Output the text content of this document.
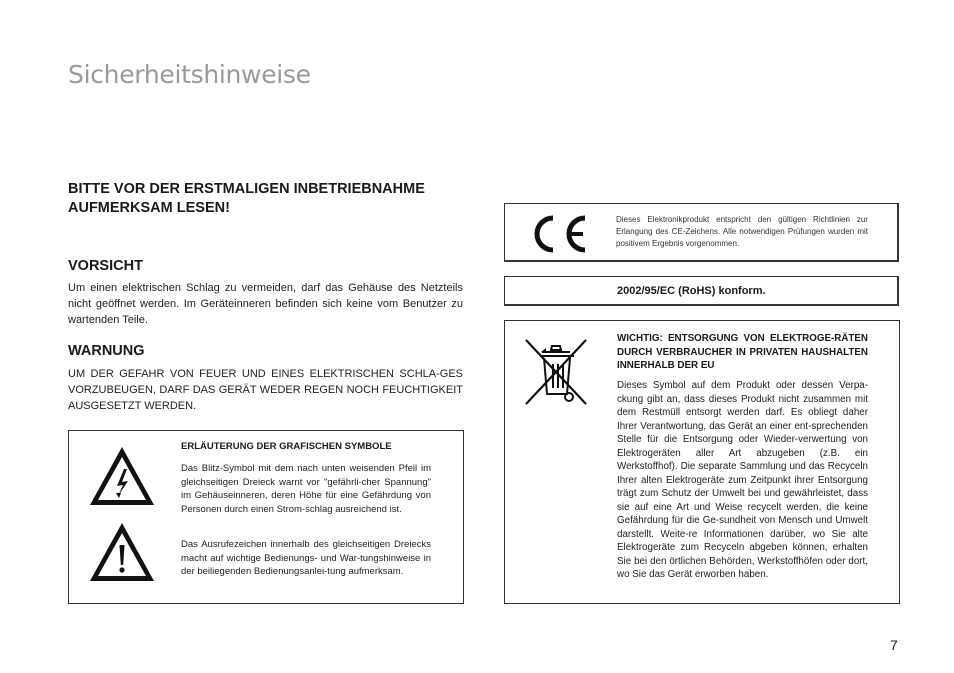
Sicherheitshinweise

BITTE VOR DER ERSTMALIGEN INBETRIEBNAHME AUFMERKSAM LESEN!

VORSICHT

Um einen elektrischen Schlag zu vermeiden, darf das Gehäuse des Netzteils nicht geöffnet werden. Im Geräteinneren befinden sich keine vom Benutzer zu wartenden Teile.

WARNUNG

UM DER GEFAHR VON FEUER UND EINES ELEKTRISCHEN SCHLA-GES VORZUBEUGEN, DARF DAS GERÄT WEDER REGEN NOCH FEUCHTIGKEIT AUSGESETZT WERDEN.

ERLÄUTERUNG DER GRAFISCHEN SYMBOLE

Das Blitz-Symbol mit dem nach unten weisenden Pfeil im gleichseitigen Dreieck warnt vor "gefährli-cher Spannung" im Gehäuseinneren, deren Höhe für eine Gefährdung von Personen durch einen Strom-schlag ausreichend ist.

Das Ausrufezeichen innerhalb des gleichseitigen Dreiecks macht auf wichtige Bedienungs- und War-tungshinweise in der beiliegenden Bedienungsanlei-tung aufmerksam.

Dieses Elektronikprodukt entspricht den gültigen Richtlinien zur Erlangung des CE-Zeichens. Alle notwendigen Prüfungen wurden mit positivem Ergebnis vorgenommen.
2002/95/EC (RoHS) konform.
WICHTIG: ENTSORGUNG VON ELEKTROGE-RÄTEN DURCH VERBRAUCHER IN PRIVATEN HAUSHALTEN INNERHALB DER EU

Dieses Symbol auf dem Produkt oder dessen Verpa-ckung gibt an, dass dieses Produkt nicht zusammen mit dem Restmüll entsorgt werden darf. Es obliegt daher Ihrer Verantwortung, das Gerät an einer ent-sprechenden Stelle für die Entsorgung oder Wieder-verwertung von Elektrogeräten aller Art abzugeben (z.B. ein Werkstoffhof). Die separate Sammlung und das Recyceln Ihrer alten Elektrogeräte zum Zeitpunkt ihrer Entsorgung trägt zum Schutz der Umwelt bei und gewährleistet, dass sie auf eine Art und Weise recycelt werden, die keine Gefährdung für die Ge-sundheit von Mensch und Umwelt darstellt. Weite-re Informationen darüber, wo Sie alte Elektrogeräte zum Recyceln abgeben können, erhalten Sie bei den örtlichen Behörden, Werkstoffhöfen oder dort, wo Sie das Gerät erworben haben.

7
